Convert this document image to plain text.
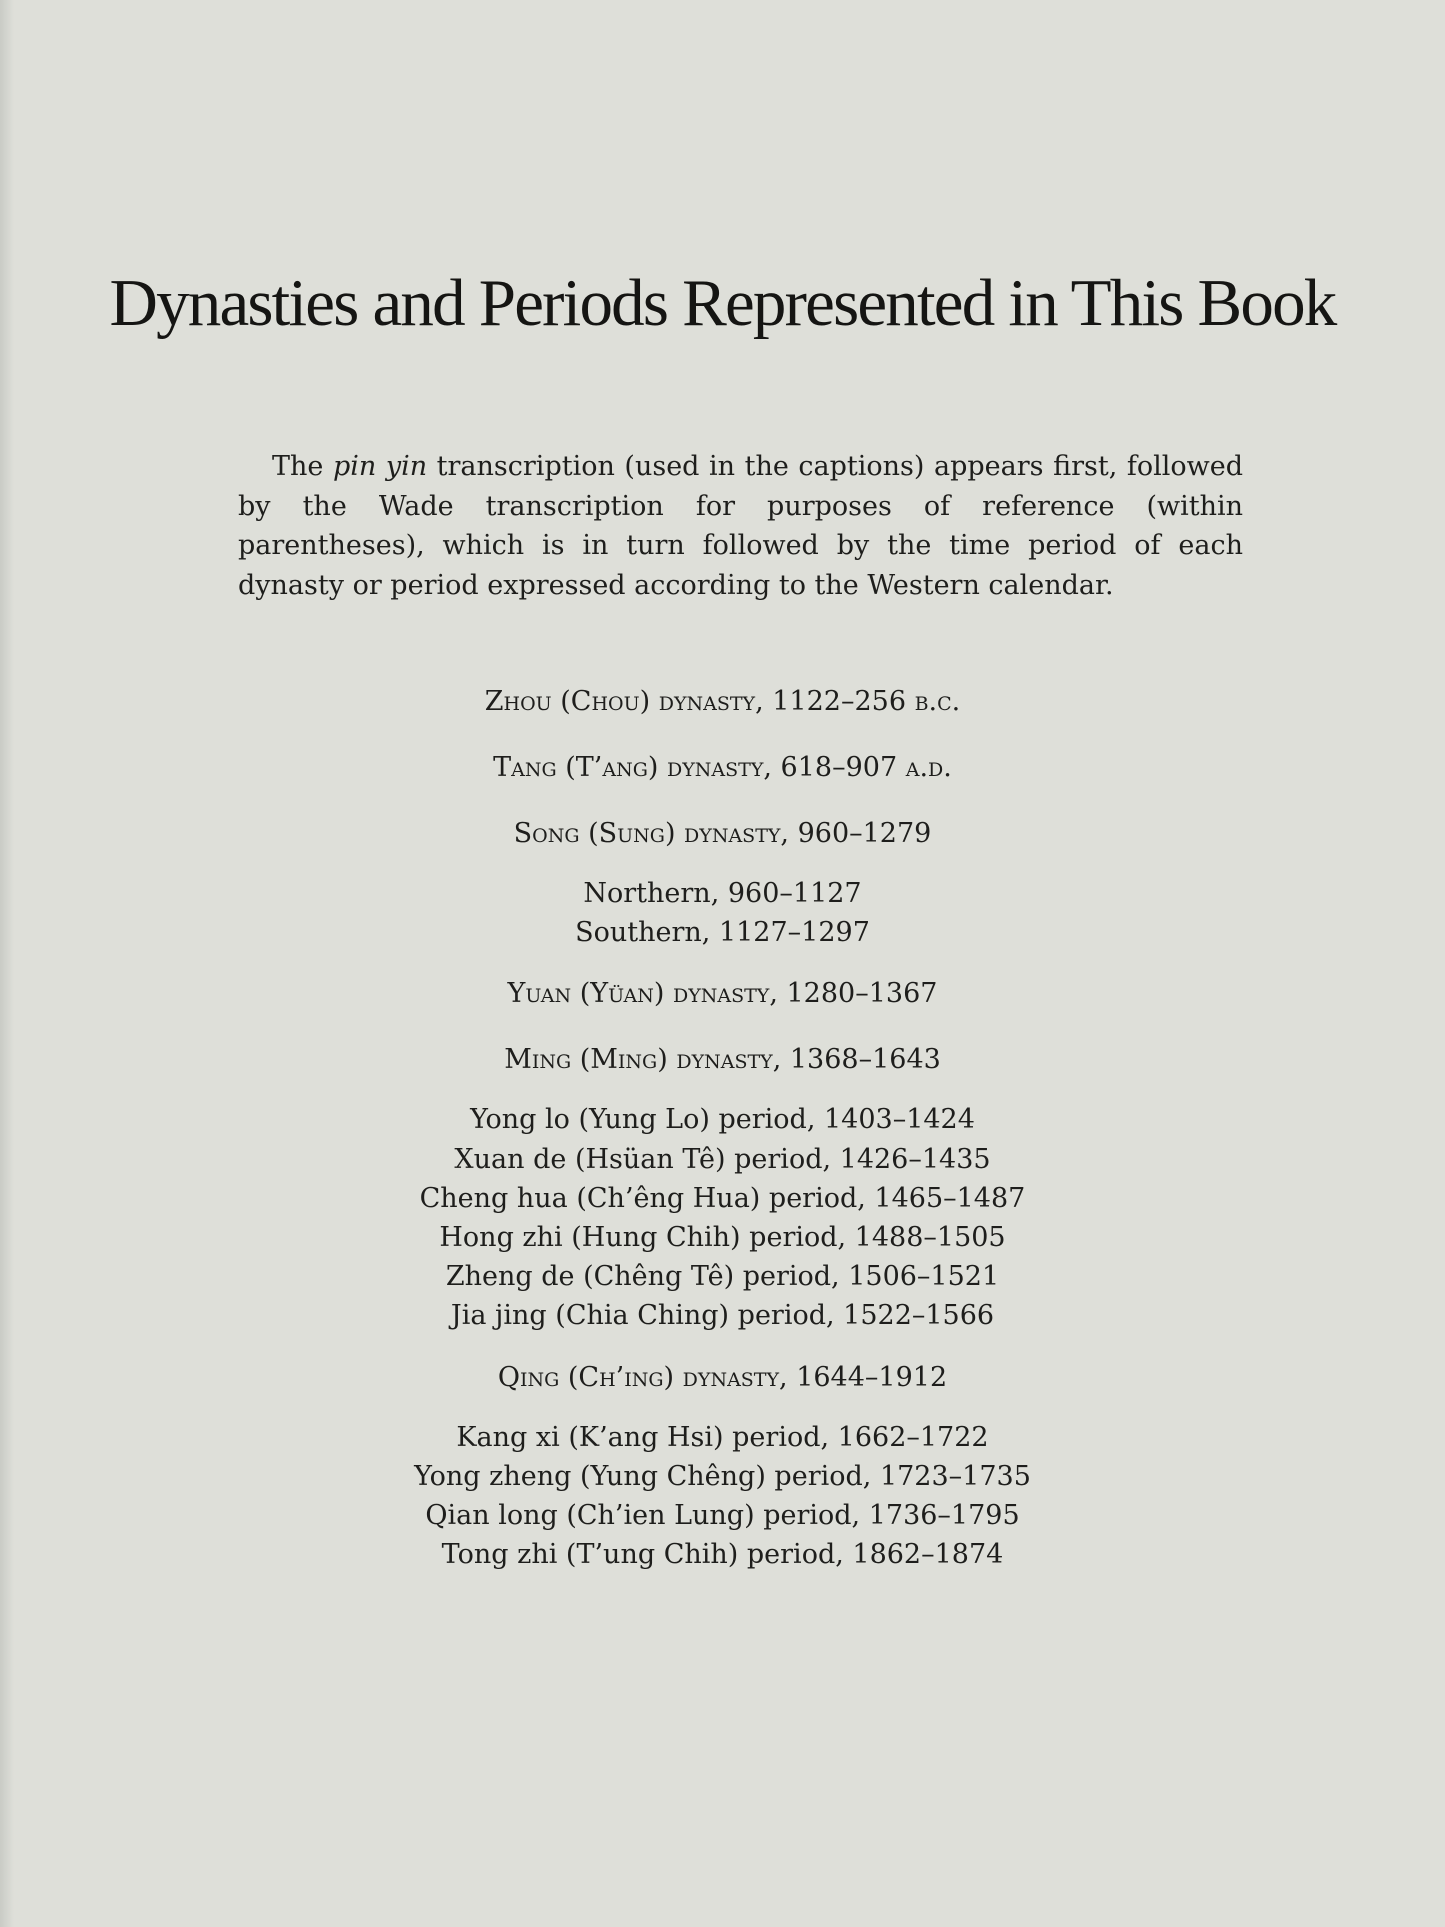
Dynasties and Periods Represented in This Book

The pin yin transcription (used in the captions) appears first, followed by the Wade transcription for purposes of reference (within parentheses), which is in turn followed by the time period of each dynasty or period expressed according to the Western calendar.

Zhou (Chou) dynasty, 1122–256 b.c.
Tang (T’ang) dynasty, 618–907 a.d.
Song (Sung) dynasty, 960–1279
Northern, 960–1127
Southern, 1127–1297
Yuan (Yüan) dynasty, 1280–1367
Ming (Ming) dynasty, 1368–1643
Yong lo (Yung Lo) period, 1403–1424
Xuan de (Hsüan Tê) period, 1426–1435
Cheng hua (Ch’êng Hua) period, 1465–1487
Hong zhi (Hung Chih) period, 1488–1505
Zheng de (Chêng Tê) period, 1506–1521
Jia jing (Chia Ching) period, 1522–1566
Qing (Ch’ing) dynasty, 1644–1912
Kang xi (K’ang Hsi) period, 1662–1722
Yong zheng (Yung Chêng) period, 1723–1735
Qian long (Ch’ien Lung) period, 1736–1795
Tong zhi (T’ung Chih) period, 1862–1874
